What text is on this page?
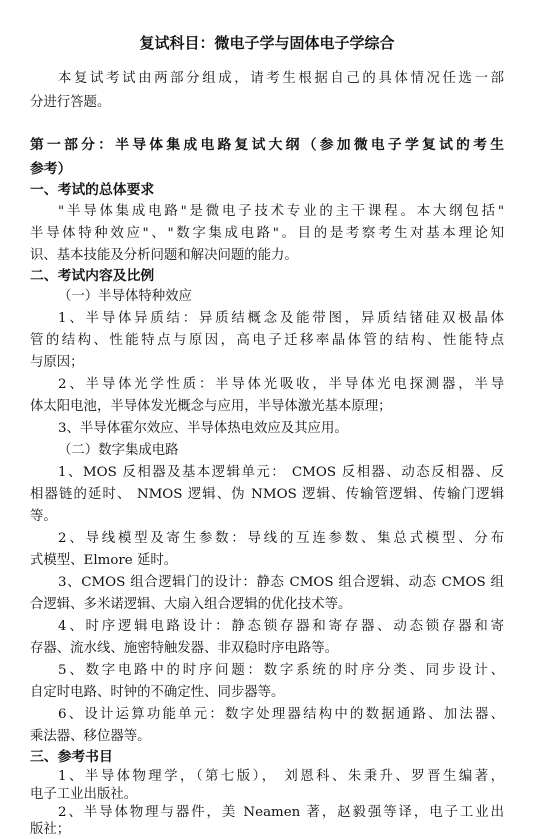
复试科目：微电子学与固体电子学综合
本复试考试由两部分组成，请考生根据自己的具体情况任选一部
分进行答题。
第一部分：半导体集成电路复试大纲（参加微电子学复试的考生
参考）
一、考试的总体要求
"半导体集成电路"是微电子技术专业的主干课程。本大纲包括"
半导体特种效应"、"数字集成电路"。目的是考察考生对基本理论知
识、基本技能及分析问题和解决问题的能力。
二、考试内容及比例
（一）半导体特种效应
1、半导体异质结：异质结概念及能带图，异质结锗硅双极晶体
管的结构、性能特点与原因，高电子迁移率晶体管的结构、性能特点
与原因；
2、半导体光学性质：半导体光吸收，半导体光电探测器，半导
体太阳电池，半导体发光概念与应用，半导体激光基本原理；
3、半导体霍尔效应、半导体热电效应及其应用。
（二）数字集成电路
1、MOS 反相器及基本逻辑单元： CMOS 反相器、动态反相器、反
相器链的延时、 NMOS 逻辑、伪 NMOS 逻辑、传输管逻辑、传输门逻辑
等。
2、导线模型及寄生参数：导线的互连参数、集总式模型、分布
式模型、Elmore 延时。
3、CMOS 组合逻辑门的设计：静态 CMOS 组合逻辑、动态 CMOS 组
合逻辑、多米诺逻辑、大扇入组合逻辑的优化技术等。
4、时序逻辑电路设计：静态锁存器和寄存器、动态锁存器和寄
存器、流水线、施密特触发器、非双稳时序电路等。
5、数字电路中的时序问题：数字系统的时序分类、同步设计、
自定时电路、时钟的不确定性、同步器等。
6、设计运算功能单元：数字处理器结构中的数据通路、加法器、
乘法器、移位器等。
三、参考书目
1、半导体物理学，（第七版）， 刘恩科、朱秉升、罗晋生编著，
电子工业出版社。
2、半导体物理与器件，美 Neamen 著，赵毅强等译，电子工业出
版社；
